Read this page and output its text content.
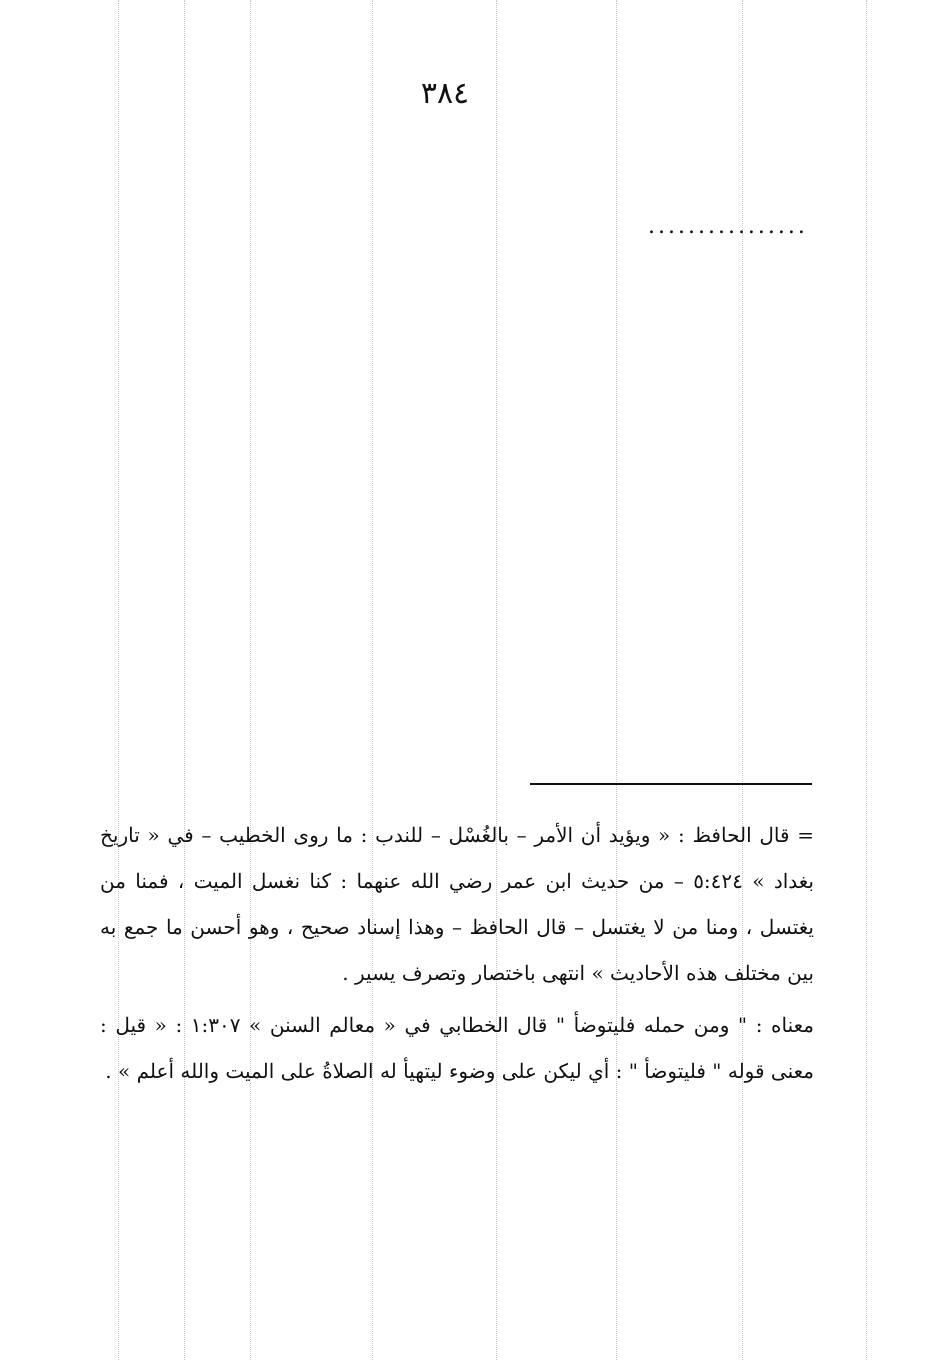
٣٨٤
................

= قال الحافظ : « ويؤيد أن الأمر – بالغُسْل – للندب : ما روى الخطيب – في « تاريخ بغداد » ٥:٤٢٤ – من حديث ابن عمر رضي الله عنهما : كنا نغسل الميت ، فمنا من يغتسل ، ومنا من لا يغتسل – قال الحافظ – وهذا إسناد صحيح ، وهو أحسن ما جمع به بين مختلف هذه الأحاديث » انتهى باختصار وتصرف يسير .

معناه : " ومن حمله فليتوضأ " قال الخطابي في « معالم السنن » ١:٣٠٧ : « قيل : معنى قوله " فليتوضأ " : أي ليكن على وضوء ليتهيأ له الصلاةُ على الميت والله أعلم » .
